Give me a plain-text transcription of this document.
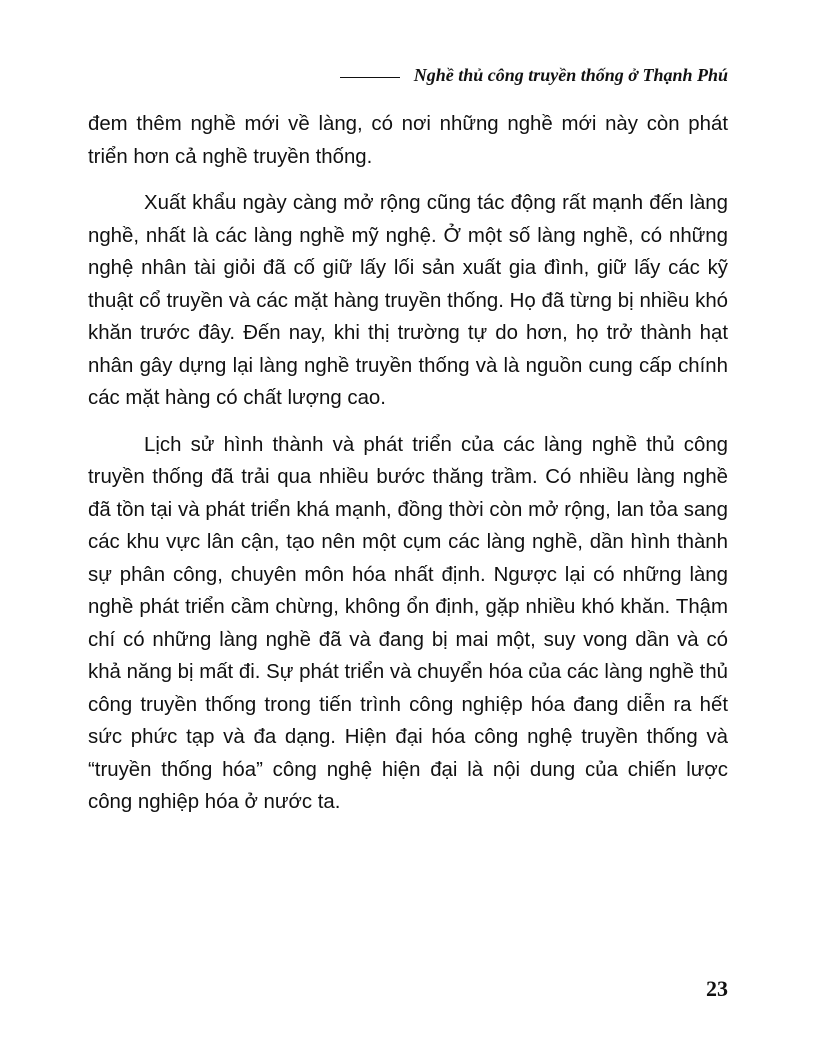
Nghề thủ công truyền thống ở Thạnh Phú

đem thêm nghề mới về làng, có nơi những nghề mới này còn phát triển hơn cả nghề truyền thống.

Xuất khẩu ngày càng mở rộng cũng tác động rất mạnh đến làng nghề, nhất là các làng nghề mỹ nghệ. Ở một số làng nghề, có những nghệ nhân tài giỏi đã cố giữ lấy lối sản xuất gia đình, giữ lấy các kỹ thuật cổ truyền và các mặt hàng truyền thống. Họ đã từng bị nhiều khó khăn trước đây. Đến nay, khi thị trường tự do hơn, họ trở thành hạt nhân gây dựng lại làng nghề truyền thống và là nguồn cung cấp chính các mặt hàng có chất lượng cao.

Lịch sử hình thành và phát triển của các làng nghề thủ công truyền thống đã trải qua nhiều bước thăng trầm. Có nhiều làng nghề đã tồn tại và phát triển khá mạnh, đồng thời còn mở rộng, lan tỏa sang các khu vực lân cận, tạo nên một cụm các làng nghề, dần hình thành sự phân công, chuyên môn hóa nhất định. Ngược lại có những làng nghề phát triển cầm chừng, không ổn định, gặp nhiều khó khăn. Thậm chí có những làng nghề đã và đang bị mai một, suy vong dần và có khả năng bị mất đi. Sự phát triển và chuyển hóa của các làng nghề thủ công truyền thống trong tiến trình công nghiệp hóa đang diễn ra hết sức phức tạp và đa dạng. Hiện đại hóa công nghệ truyền thống và “truyền thống hóa” công nghệ hiện đại là nội dung của chiến lược công nghiệp hóa ở nước ta.

23
